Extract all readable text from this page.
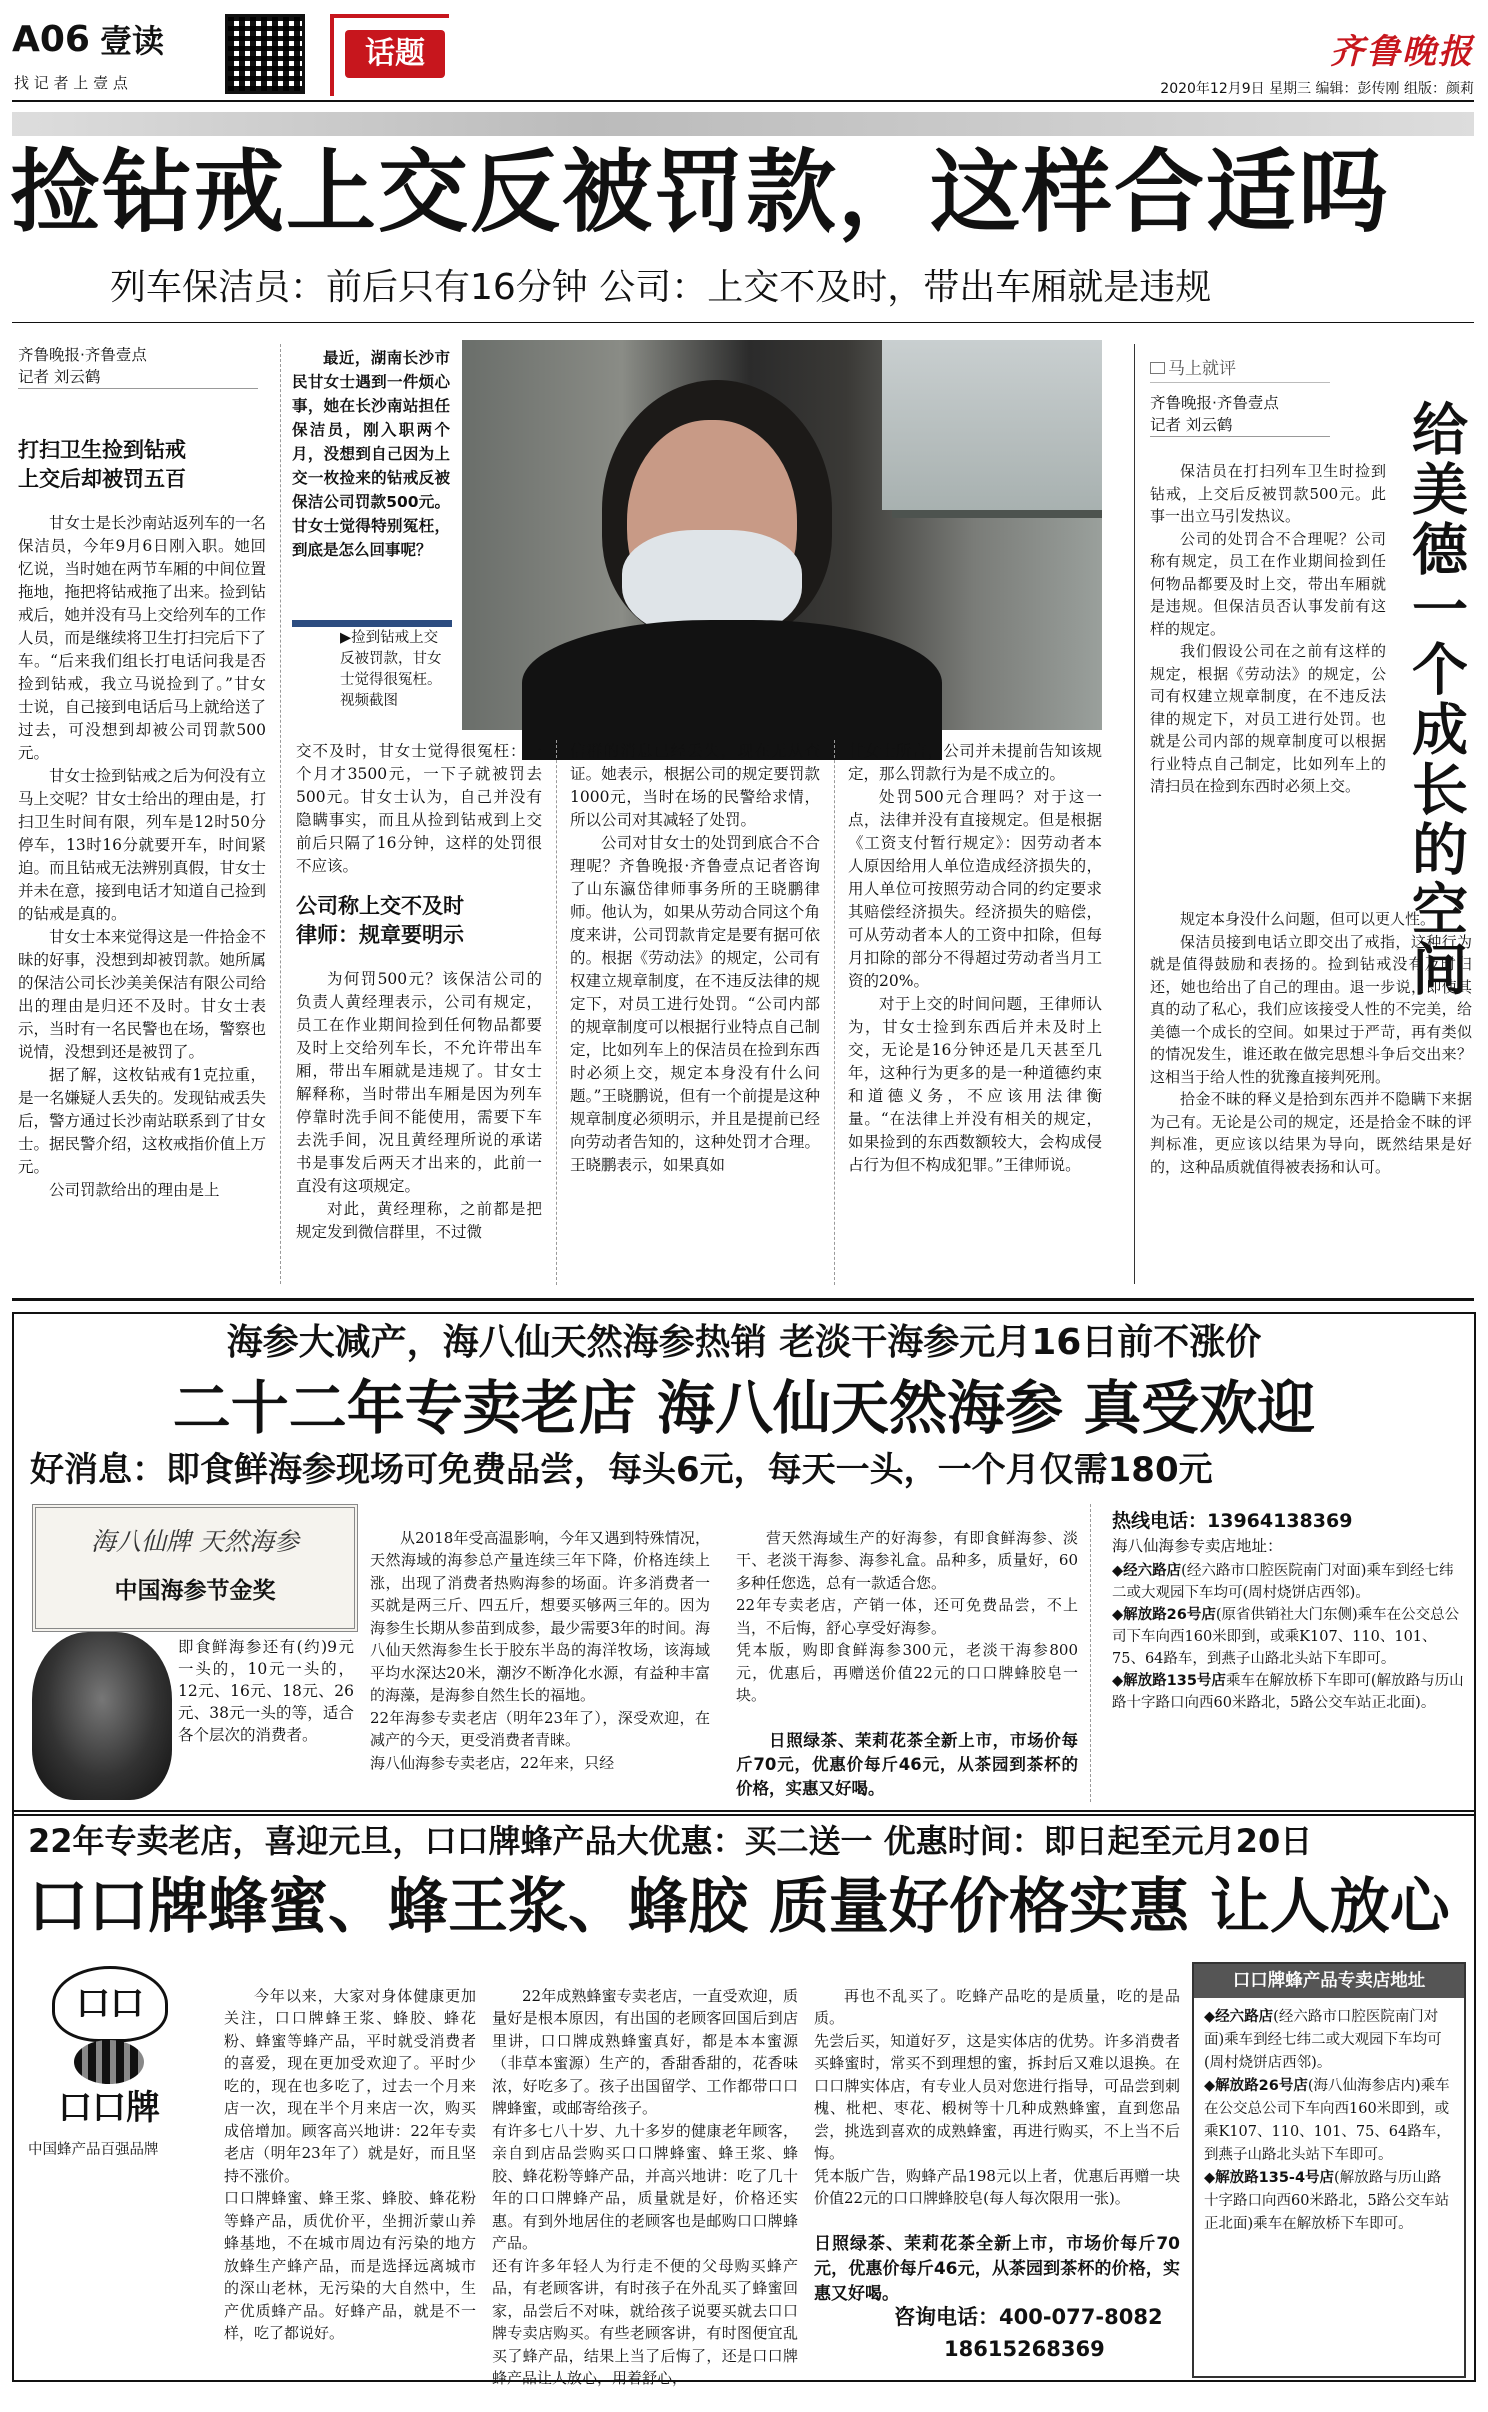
A06 壹读
找 记 者 上 壹 点
话题	齐鲁晚报
2020年12月9日 星期三 编辑：彭传刚 组版：颜莉
捡钻戒上交反被罚款，这样合适吗
列车保洁员：前后只有16分钟 公司：上交不及时，带出车厢就是违规
齐鲁晚报·齐鲁壹点
记者 刘云鹤
打扫卫生捡到钻戒
上交后却被罚五百

甘女士是长沙南站返列车的一名保洁员，今年9月6日刚入职。她回忆说，当时她在两节车厢的中间位置拖地，拖把将钻戒拖了出来。捡到钻戒后，她并没有马上交给列车的工作人员，而是继续将卫生打扫完后下了车。“后来我们组长打电话问我是否捡到钻戒，我立马说捡到了。”甘女士说，自己接到电话后马上就给送了过去，可没想到却被公司罚款500元。

甘女士捡到钻戒之后为何没有立马上交呢？甘女士给出的理由是，打扫卫生时间有限，列车是12时50分停车，13时16分就要开车，时间紧迫。而且钻戒无法辨别真假，甘女士并未在意，接到电话才知道自己捡到的钻戒是真的。

甘女士本来觉得这是一件拾金不昧的好事，没想到却被罚款。她所属的保洁公司长沙美美保洁有限公司给出的理由是归还不及时。甘女士表示，当时有一名民警也在场，警察也说情，没想到还是被罚了。

据了解，这枚钻戒有1克拉重，是一名嫌疑人丢失的。发现钻戒丢失后，警方通过长沙南站联系到了甘女士。据民警介绍，这枚戒指价值上万元。

公司罚款给出的理由是上

最近，湖南长沙市民甘女士遇到一件烦心事，她在长沙南站担任保洁员，刚入职两个月，没想到自己因为上交一枚捡来的钻戒反被保洁公司罚款500元。甘女士觉得特别冤枉，到底是怎么回事呢？

▶捡到钻戒上交反被罚款，甘女士觉得很冤枉。视频截图

交不及时，甘女士觉得很冤枉：一个月才3500元，一下子就被罚去500元。甘女士认为，自己并没有隐瞒事实，而且从捡到钻戒到上交前后只隔了16分钟，这样的处罚很不应该。

公司称上交不及时
律师：规章要明示

为何罚500元？该保洁公司的负责人黄经理表示，公司有规定，员工在作业期间捡到任何物品都要及时上交给列车长，不允许带出车厢，带出车厢就是违规了。甘女士解释称，当时带出车厢是因为列车停靠时洗手间不能使用，需要下车去洗手间，况且黄经理所说的承诺书是事发后两天才出来的，此前一直没有这项规定。

对此，黄经理称，之前都是把规定发到微信群里，不过微

信群的消息已经丢失，现在无从查证。她表示，根据公司的规定要罚款1000元，当时在场的民警给求情，所以公司对其减轻了处罚。

公司对甘女士的处罚到底合不合理呢？齐鲁晚报·齐鲁壹点记者咨询了山东瀛岱律师事务所的王晓鹏律师。他认为，如果从劳动合同这个角度来讲，公司罚款肯定是要有据可依的。根据《劳动法》的规定，公司有权建立规章制度，在不违反法律的规定下，对员工进行处罚。“公司内部的规章制度可以根据行业特点自己制定，比如列车上的保洁员在捡到东西时必须上交，规定本身没有什么问题。”王晓鹏说，但有一个前提是这种规章制度必须明示，并且是提前已经向劳动者告知的，这种处罚才合理。王晓鹏表示，如果真如

甘女士所言，公司并未提前告知该规定，那么罚款行为是不成立的。

处罚500元合理吗？对于这一点，法律并没有直接规定。但是根据《工资支付暂行规定》：因劳动者本人原因给用人单位造成经济损失的，用人单位可按照劳动合同的约定要求其赔偿经济损失。经济损失的赔偿，可从劳动者本人的工资中扣除，但每月扣除的部分不得超过劳动者当月工资的20%。

对于上交的时间问题，王律师认为，甘女士捡到东西后并未及时上交，无论是16分钟还是几天甚至几年，这种行为更多的是一种道德约束和道德义务，不应该用法律衡量。“在法律上并没有相关的规定，如果捡到的东西数额较大，会构成侵占行为但不构成犯罪。”王律师说。

马上就评
齐鲁晚报·齐鲁壹点
记者 刘云鹤	给美德一个成长的空间

保洁员在打扫列车卫生时捡到钻戒，上交后反被罚款500元。此事一出立马引发热议。

公司的处罚合不合理呢？公司称有规定，员工在作业期间捡到任何物品都要及时上交，带出车厢就是违规。但保洁员否认事发前有这样的规定。

我们假设公司在之前有这样的规定，根据《劳动法》的规定，公司有权建立规章制度，在不违反法律的规定下，对员工进行处罚。也就是公司内部的规章制度可以根据行业特点自己制定，比如列车上的清扫员在捡到东西时必须上交。

规定本身没什么问题，但可以更人性。

保洁员接到电话立即交出了戒指，这种行为就是值得鼓励和表扬的。捡到钻戒没有及时归还，她也给出了自己的理由。退一步说，即使其真的动了私心，我们应该接受人性的不完美，给美德一个成长的空间。如果过于严苛，再有类似的情况发生，谁还敢在做完思想斗争后交出来？这相当于给人性的犹豫直接判死刑。

拾金不昧的释义是拾到东西并不隐瞒下来据为己有。无论是公司的规定，还是拾金不昧的评判标准，更应该以结果为导向，既然结果是好的，这种品质就值得被表扬和认可。

海参大减产，海八仙天然海参热销 老淡干海参元月16日前不涨价
二十二年专卖老店 海八仙天然海参 真受欢迎
好消息：即食鲜海参现场可免费品尝，每头6元，每天一头，一个月仅需180元
海八仙牌 天然海参
中国海参节金奖

即食鲜海参还有(约)9元一头的，10元一头的，12元、16元、18元、26元、38元一头的等，适合各个层次的消费者。

从2018年受高温影响，今年又遇到特殊情况，天然海域的海参总产量连续三年下降，价格连续上涨，出现了消费者热购海参的场面。许多消费者一买就是两三斤、四五斤，想要买够两三年的。因为海参生长期从参苗到成参，最少需要3年的时间。海八仙天然海参生长于胶东半岛的海洋牧场，该海域平均水深达20米，潮汐不断净化水源，有益种丰富的海藻，是海参自然生长的福地。
22年海参专卖老店（明年23年了），深受欢迎，在减产的今天，更受消费者青睐。
海八仙海参专卖老店，22年来，只经

营天然海域生产的好海参，有即食鲜海参、淡干、老淡干海参、海参礼盒。品种多，质量好，60多种任您选，总有一款适合您。
22年专卖老店，产销一体，还可免费品尝，不上当，不后悔，舒心享受好海参。
凭本版，购即食鲜海参300元，老淡干海参800元，优惠后，再赠送价值22元的口口牌蜂胶皂一块。

日照绿茶、茉莉花茶全新上市，市场价每斤70元，优惠价每斤46元，从茶园到茶杯的价格，实惠又好喝。

热线电话：13964138369
海八仙海参专卖店地址：
◆经六路店(经六路市口腔医院南门对面)乘车到经七纬二或大观园下车均可(周村烧饼店西邻)。
◆解放路26号店(原省供销社大门东侧)乘车在公交总公司下车向西160米即到，或乘K107、110、101、75、64路车，到燕子山路北头站下车即可。
◆解放路135号店乘车在解放桥下车即可(解放路与历山路十字路口向西60米路北，5路公交车站正北面)。
22年专卖老店，喜迎元旦，口口牌蜂产品大优惠：买二送一 优惠时间：即日起至元月20日
口口牌蜂蜜、蜂王浆、蜂胶 质量好价格实惠 让人放心
口口
口口牌
中国蜂产品百强品牌

今年以来，大家对身体健康更加关注，口口牌蜂王浆、蜂胶、蜂花粉、蜂蜜等蜂产品，平时就受消费者的喜爱，现在更加受欢迎了。平时少吃的，现在也多吃了，过去一个月来店一次，现在半个月来店一次，购买成倍增加。顾客高兴地讲：22年专卖老店（明年23年了）就是好，而且坚持不涨价。
口口牌蜂蜜、蜂王浆、蜂胶、蜂花粉等蜂产品，质优价平，坐拥沂蒙山养蜂基地，不在城市周边有污染的地方放蜂生产蜂产品，而是选择远离城市的深山老林，无污染的大自然中，生产优质蜂产品。好蜂产品，就是不一样，吃了都说好。

22年成熟蜂蜜专卖老店，一直受欢迎，质量好是根本原因，有出国的老顾客回国后到店里讲，口口牌成熟蜂蜜真好，都是本本蜜源（非草本蜜源）生产的，香甜香甜的，花香味浓，好吃多了。孩子出国留学、工作都带口口牌蜂蜜，或邮寄给孩子。
有许多七八十岁、九十多岁的健康老年顾客，亲自到店品尝购买口口牌蜂蜜、蜂王浆、蜂胶、蜂花粉等蜂产品，并高兴地讲：吃了几十年的口口牌蜂产品，质量就是好，价格还实惠。有到外地居住的老顾客也是邮购口口牌蜂产品。
还有许多年轻人为行走不便的父母购买蜂产品，有老顾客讲，有时孩子在外乱买了蜂蜜回家，品尝后不对味，就给孩子说要买就去口口牌专卖店购买。有些老顾客讲，有时图便宜乱买了蜂产品，结果上当了后悔了，还是口口牌蜂产品让人放心，用着舒心，

再也不乱买了。吃蜂产品吃的是质量，吃的是品质。
先尝后买，知道好歹，这是实体店的优势。许多消费者买蜂蜜时，常买不到理想的蜜，拆封后又难以退换。在口口牌实体店，有专业人员对您进行指导，可品尝到刺槐、枇杷、枣花、椴树等十几种成熟蜂蜜，直到您品尝，挑选到喜欢的成熟蜂蜜，再进行购买，不上当不后悔。
凭本版广告，购蜂产品198元以上者，优惠后再赠一块价值22元的口口牌蜂胶皂(每人每次限用一张)。

日照绿茶、茉莉花茶全新上市，市场价每斤70元，优惠价每斤46元，从茶园到茶杯的价格，实惠又好喝。

咨询电话：400-077-8082
18615268369
口口牌蜂产品专卖店地址
◆经六路店(经六路市口腔医院南门对面)乘车到经七纬二或大观园下车均可(周村烧饼店西邻)。
◆解放路26号店(海八仙海参店内)乘车在公交总公司下车向西160米即到，或乘K107、110、101、75、64路车，到燕子山路北头站下车即可。
◆解放路135-4号店(解放路与历山路十字路口向西60米路北，5路公交车站正北面)乘车在解放桥下车即可。
